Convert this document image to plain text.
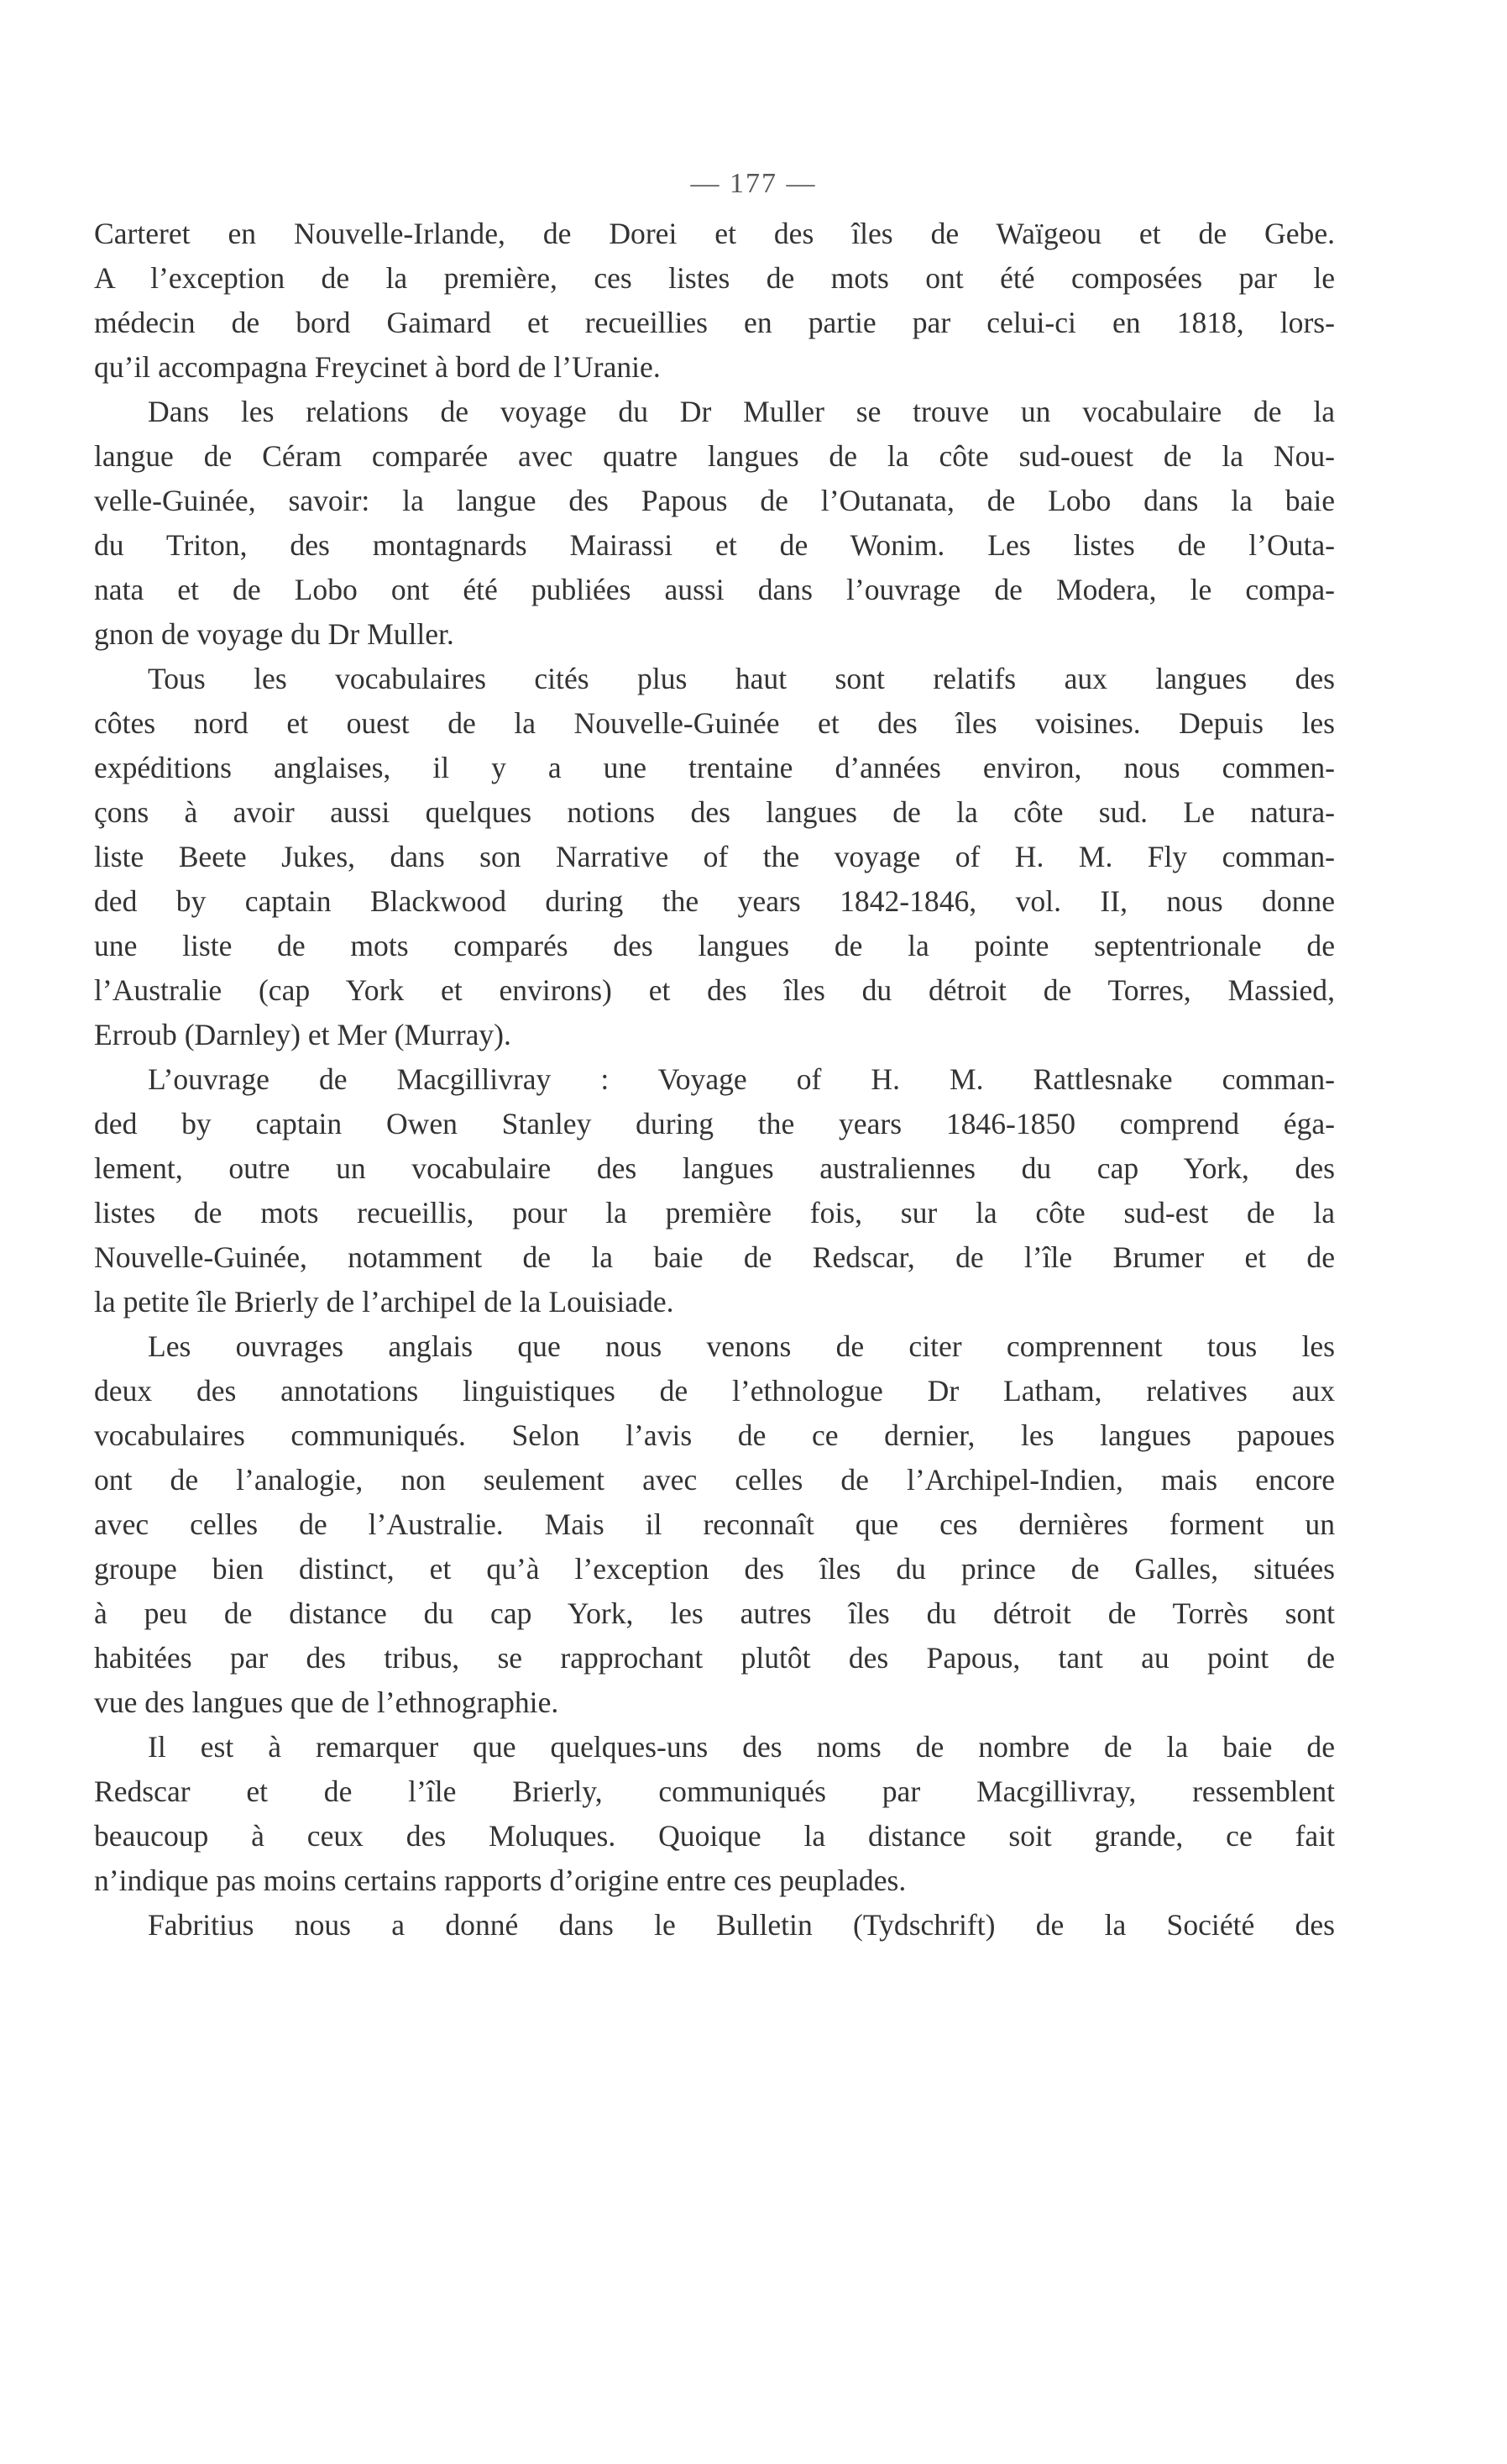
— 177 —
Carteret en Nouvelle-Irlande, de Dorei et des îles de Waïgeou et de Gebe.
A l’exception de la première, ces listes de mots ont été composées par le
médecin de bord Gaimard et recueillies en partie par celui-ci en 1818, lors-
qu’il accompagna Freycinet à bord de l’Uranie.
Dans les relations de voyage du Dr Muller se trouve un vocabulaire de la
langue de Céram comparée avec quatre langues de la côte sud-ouest de la Nou-
velle-Guinée, savoir: la langue des Papous de l’Outanata, de Lobo dans la baie
du Triton, des montagnards Mairassi et de Wonim. Les listes de l’Outa-
nata et de Lobo ont été publiées aussi dans l’ouvrage de Modera, le compa-
gnon de voyage du Dr Muller.
Tous les vocabulaires cités plus haut sont relatifs aux langues des
côtes nord et ouest de la Nouvelle-Guinée et des îles voisines. Depuis les
expéditions anglaises, il y a une trentaine d’années environ, nous commen-
çons à avoir aussi quelques notions des langues de la côte sud. Le natura-
liste Beete Jukes, dans son Narrative of the voyage of H. M. Fly comman-
ded by captain Blackwood during the years 1842-1846, vol. II, nous donne
une liste de mots comparés des langues de la pointe septentrionale de
l’Australie (cap York et environs) et des îles du détroit de Torres, Massied,
Erroub (Darnley) et Mer (Murray).
L’ouvrage de Macgillivray : Voyage of H. M. Rattlesnake comman-
ded by captain Owen Stanley during the years 1846-1850 comprend éga-
lement, outre un vocabulaire des langues australiennes du cap York, des
listes de mots recueillis, pour la première fois, sur la côte sud-est de la
Nouvelle-Guinée, notamment de la baie de Redscar, de l’île Brumer et de
la petite île Brierly de l’archipel de la Louisiade.
Les ouvrages anglais que nous venons de citer comprennent tous les
deux des annotations linguistiques de l’ethnologue Dr Latham, relatives aux
vocabulaires communiqués. Selon l’avis de ce dernier, les langues papoues
ont de l’analogie, non seulement avec celles de l’Archipel-Indien, mais encore
avec celles de l’Australie. Mais il reconnaît que ces dernières forment un
groupe bien distinct, et qu’à l’exception des îles du prince de Galles, situées
à peu de distance du cap York, les autres îles du détroit de Torrès sont
habitées par des tribus, se rapprochant plutôt des Papous, tant au point de
vue des langues que de l’ethnographie.
Il est à remarquer que quelques-uns des noms de nombre de la baie de
Redscar et de l’île Brierly, communiqués par Macgillivray, ressemblent
beaucoup à ceux des Moluques. Quoique la distance soit grande, ce fait
n’indique pas moins certains rapports d’origine entre ces peuplades.
Fabritius nous a donné dans le Bulletin (Tydschrift) de la Société des
